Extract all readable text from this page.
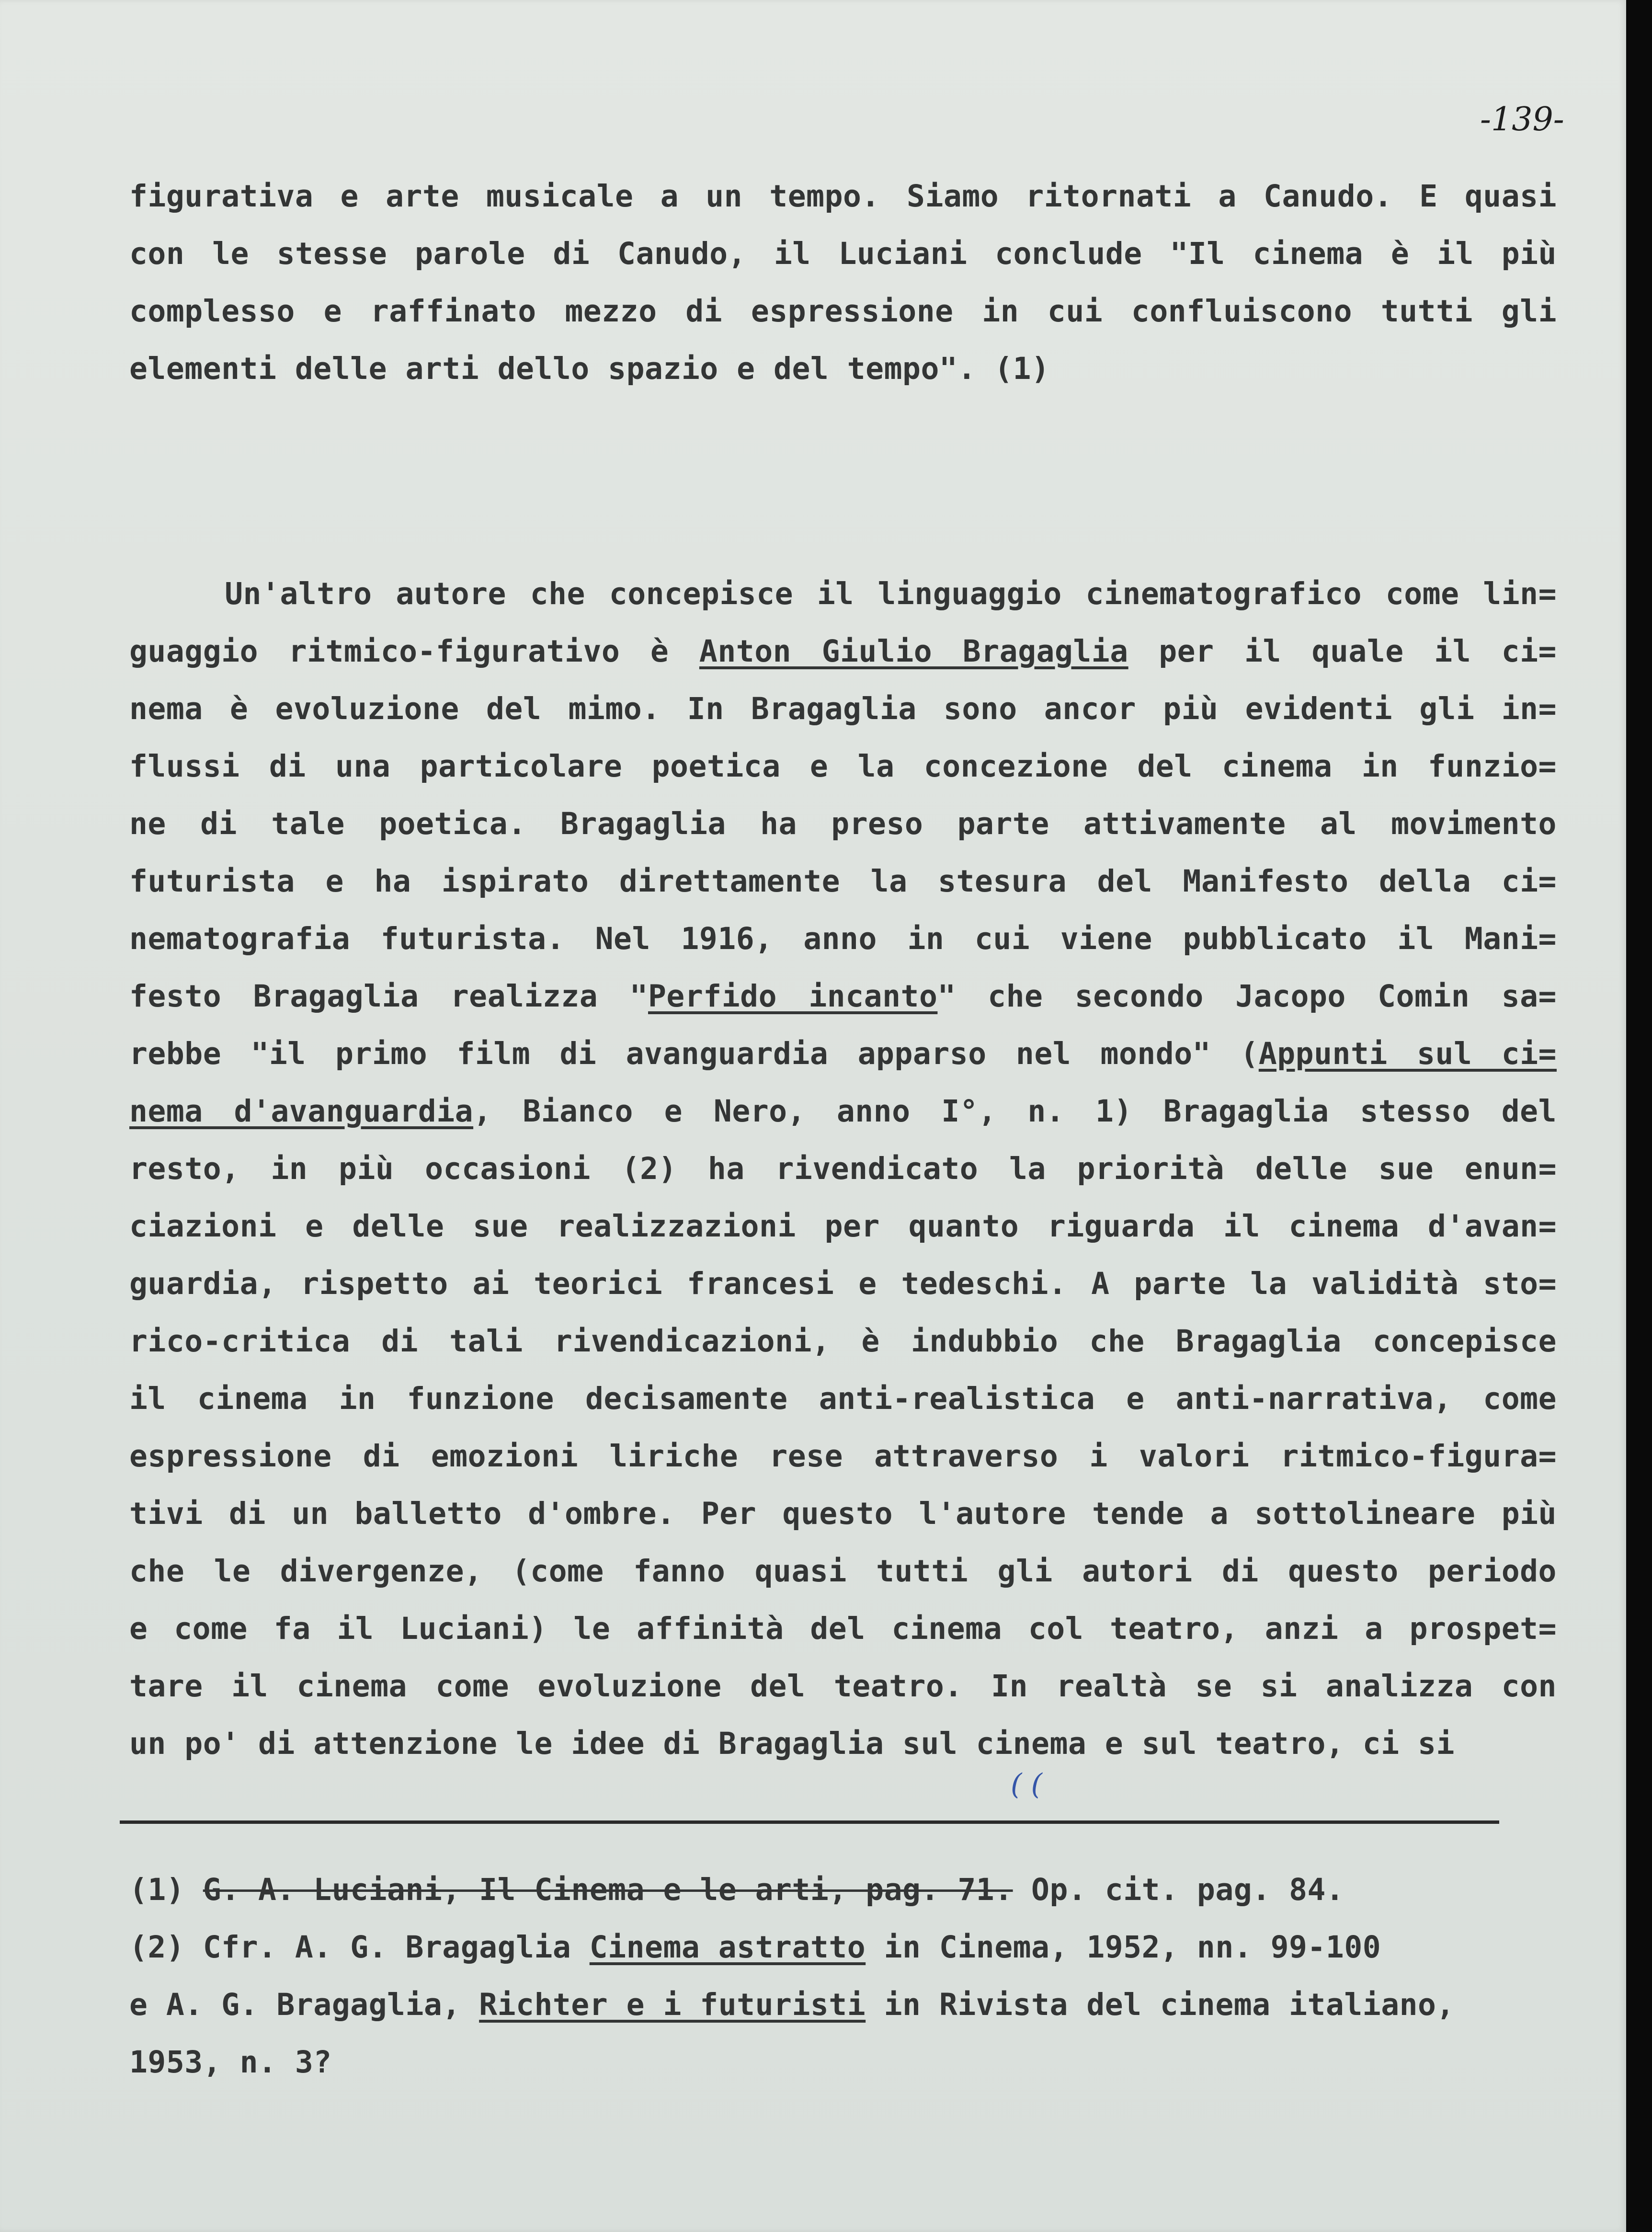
-139-

figurativa e arte musicale a un tempo. Siamo ritornati a Canudo. E quasi
con le stesse parole di Canudo, il Luciani conclude "Il cinema è il più
complesso e raffinato mezzo di espressione in cui confluiscono tutti gli
elementi delle arti dello spazio e del tempo". (1)
Un'altro autore che concepisce il linguaggio cinematografico come lin=
guaggio ritmico-figurativo è Anton Giulio Bragaglia per il quale il ci=
nema è evoluzione del mimo. In Bragaglia sono ancor più evidenti gli in=
flussi di una particolare poetica e la concezione del cinema in funzio=
ne di tale poetica. Bragaglia ha preso parte attivamente al movimento
futurista e ha ispirato direttamente la stesura del Manifesto della ci=
nematografia futurista. Nel 1916, anno in cui viene pubblicato il Mani=
festo Bragaglia realizza "Perfido incanto" che secondo Jacopo Comin sa=
rebbe "il primo film di avanguardia apparso nel mondo" (Appunti sul ci=
nema d'avanguardia, Bianco e Nero, anno I°, n. 1) Bragaglia stesso del
resto, in più occasioni (2) ha rivendicato la priorità delle sue enun=
ciazioni e delle sue realizzazioni per quanto riguarda il cinema d'avan=
guardia, rispetto ai teorici francesi e tedeschi. A parte la validità sto=
rico-critica di tali rivendicazioni, è indubbio che Bragaglia concepisce
il cinema in funzione decisamente anti-realistica e anti-narrativa, come
espressione di emozioni liriche rese attraverso i valori ritmico-figura=
tivi di un balletto d'ombre. Per questo l'autore tende a sottolineare più
che le divergenze, (come fanno quasi tutti gli autori di questo periodo
e come fa il Luciani) le affinità del cinema col teatro, anzi a prospet=
tare il cinema come evoluzione del teatro. In realtà se si analizza con
un po' di attenzione le idee di Bragaglia sul cinema e sul teatro, ci si
( (
(1) G. A. Luciani, Il Cinema e le arti, pag. 71. Op. cit. pag. 84.
(2) Cfr. A. G. Bragaglia Cinema astratto in Cinema, 1952, nn. 99-100
e A. G. Bragaglia, Richter e i futuristi in Rivista del cinema italiano,
1953, n. 3?
